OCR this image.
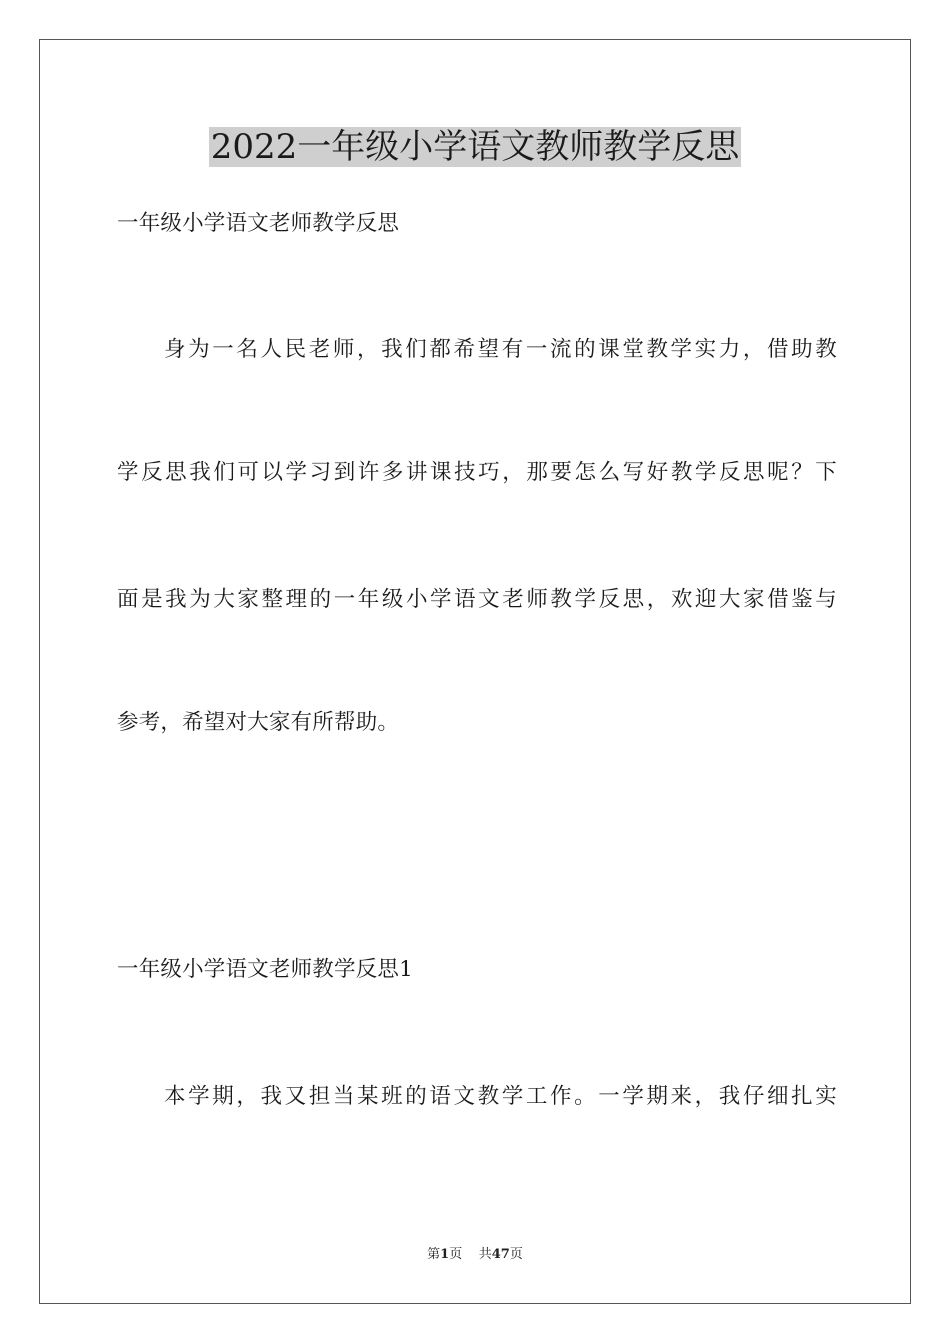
2022一年级小学语文教师教学反思
一年级小学语文老师教学反思
身为一名人民老师，我们都希望有一流的课堂教学实力，借助教
学反思我们可以学习到许多讲课技巧，那要怎么写好教学反思呢？下
面是我为大家整理的一年级小学语文老师教学反思，欢迎大家借鉴与
参考，希望对大家有所帮助。
一年级小学语文老师教学反思1
本学期，我又担当某班的语文教学工作。一学期来，我仔细扎实
第1页 共47页
